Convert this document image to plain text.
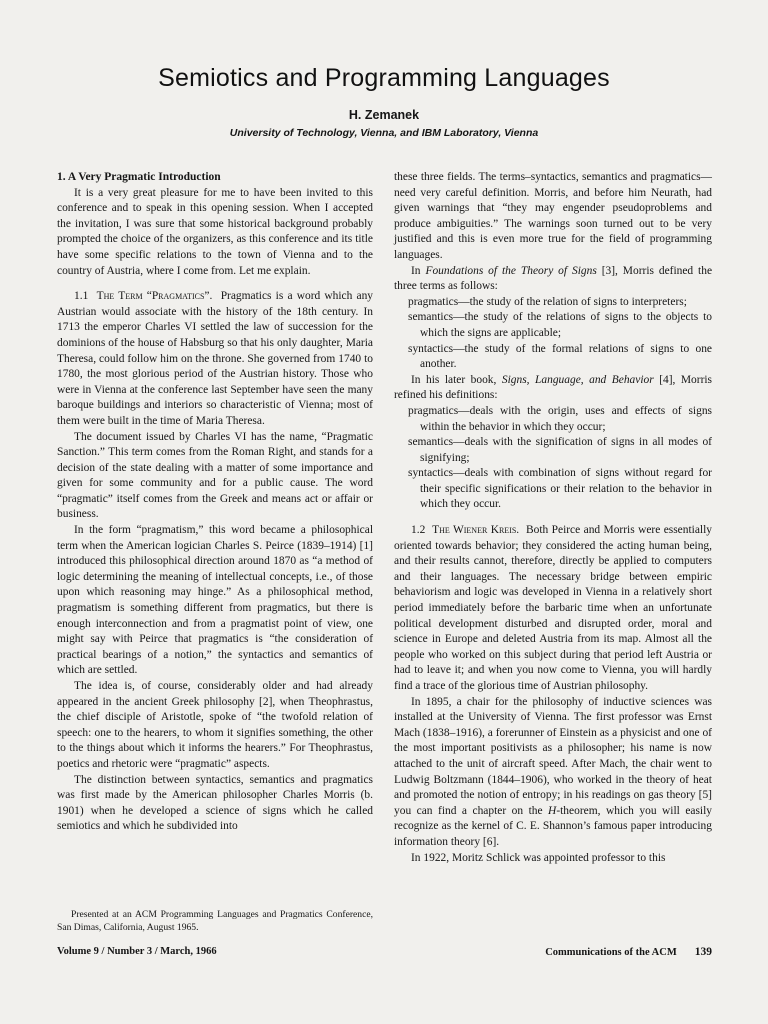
Semiotics and Programming Languages
H. Zemanek
University of Technology, Vienna, and IBM Laboratory, Vienna
1. A Very Pragmatic Introduction

It is a very great pleasure for me to have been invited to this conference and to speak in this opening session. When I accepted the invitation, I was sure that some historical background probably prompted the choice of the organizers, as this conference and its title have some specific relations to the town of Vienna and to the country of Austria, where I come from. Let me explain.

1.1 The Term “Pragmatics”. Pragmatics is a word which any Austrian would associate with the history of the 18th century. In 1713 the emperor Charles VI settled the law of succession for the dominions of the house of Habsburg so that his only daughter, Maria Theresa, could follow him on the throne. She governed from 1740 to 1780, the most glorious period of the Austrian history. Those who were in Vienna at the conference last September have seen the many baroque buildings and interiors so characteristic of Vienna; most of them were built in the time of Maria Theresa.

The document issued by Charles VI has the name, “Pragmatic Sanction.” This term comes from the Roman Right, and stands for a decision of the state dealing with a matter of some importance and given for some community and for a public cause. The word “pragmatic” itself comes from the Greek and means act or affair or business.

In the form “pragmatism,” this word became a philosophical term when the American logician Charles S. Peirce (1839–1914) [1] introduced this philosophical direction around 1870 as “a method of logic determining the meaning of intellectual concepts, i.e., of those upon which reasoning may hinge.” As a philosophical method, pragmatism is something different from pragmatics, but there is enough interconnection and from a pragmatist point of view, one might say with Peirce that pragmatics is “the consideration of practical bearings of a notion,” the syntactics and semantics of which are settled.

The idea is, of course, considerably older and had already appeared in the ancient Greek philosophy [2], when Theophrastus, the chief disciple of Aristotle, spoke of “the twofold relation of speech: one to the hearers, to whom it signifies something, the other to the things about which it informs the hearers.” For Theophrastus, poetics and rhetoric were “pragmatic” aspects.

The distinction between syntactics, semantics and pragmatics was first made by the American philosopher Charles Morris (b. 1901) when he developed a science of signs which he called semiotics and which he subdivided into

Presented at an ACM Programming Languages and Pragmatics Conference, San Dimas, California, August 1965.

these three fields. The terms–syntactics, semantics and pragmatics—need very careful definition. Morris, and before him Neurath, had given warnings that “they may engender pseudoproblems and produce ambiguities.” The warnings soon turned out to be very justified and this is even more true for the field of programming languages.

In Foundations of the Theory of Signs [3], Morris defined the three terms as follows:

pragmatics—the study of the relation of signs to interpreters;
semantics—the study of the relations of signs to the objects to which the signs are applicable;
syntactics—the study of the formal relations of signs to one another.

In his later book, Signs, Language, and Behavior [4], Morris refined his definitions:

pragmatics—deals with the origin, uses and effects of signs within the behavior in which they occur;
semantics—deals with the signification of signs in all modes of signifying;
syntactics—deals with combination of signs without regard for their specific significations or their relation to the behavior in which they occur.

1.2 The Wiener Kreis. Both Peirce and Morris were essentially oriented towards behavior; they considered the acting human being, and their results cannot, therefore, directly be applied to computers and their languages. The necessary bridge between empiric behaviorism and logic was developed in Vienna in a relatively short period immediately before the barbaric time when an unfortunate political development disturbed and disrupted order, moral and science in Europe and deleted Austria from its map. Almost all the people who worked on this subject during that period left Austria or had to leave it; and when you now come to Vienna, you will hardly find a trace of the glorious time of Austrian philosophy.

In 1895, a chair for the philosophy of inductive sciences was installed at the University of Vienna. The first professor was Ernst Mach (1838–1916), a forerunner of Einstein as a physicist and one of the most important positivists as a philosopher; his name is now attached to the unit of aircraft speed. After Mach, the chair went to Ludwig Boltzmann (1844–1906), who worked in the theory of heat and promoted the notion of entropy; in his readings on gas theory [5] you can find a chapter on the H-theorem, which you will easily recognize as the kernel of C. E. Shannon’s famous paper introducing information theory [6].

In 1922, Moritz Schlick was appointed professor to this

Volume 9 / Number 3 / March, 1966	Communications of the ACM 139
